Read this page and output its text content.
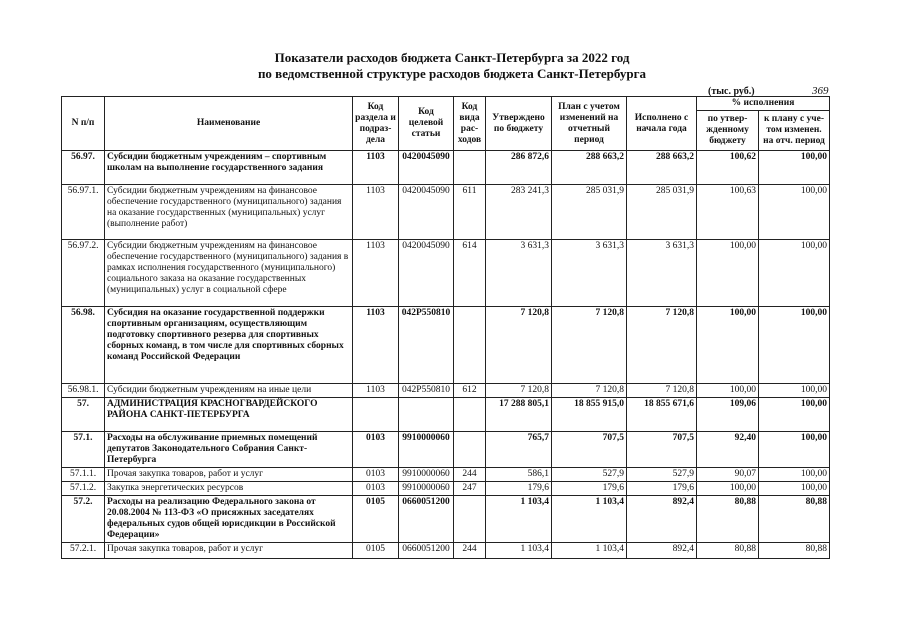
Показатели расходов бюджета Санкт-Петербурга за 2022 год
по ведомственной структуре расходов бюджета Санкт-Петербурга
(тыс. руб.)	369
N п/п	Наименование	Код раздела и подраз-дела	Код целевой статьи	Код вида рас-ходов	Утверждено по бюджету	План с учетом изменений на отчетный период	Исполнено с начала года	% исполнения	
								по утвер-жденному бюджету	к плану с уче-том изменен. на отч. период
56.97.	Субсидии бюджетным учреждениям – спортивным школам на выполнение государственного задания	1103	0420045090		286 872,6	288 663,2	288 663,2	100,62	100,00
56.97.1.	Субсидии бюджетным учреждениям на финансовое обеспечение государственного (муниципального) задания на оказание государственных (муниципальных) услуг (выполнение работ)	1103	0420045090	611	283 241,3	285 031,9	285 031,9	100,63	100,00
56.97.2.	Субсидии бюджетным учреждениям на финансовое обеспечение государственного (муниципального) задания в рамках исполнения государственного (муниципального) социального заказа на оказание государственных (муниципальных) услуг в социальной сфере	1103	0420045090	614	3 631,3	3 631,3	3 631,3	100,00	100,00
56.98.	Субсидия на оказание государственной поддержки спортивным организациям, осуществляющим подготовку спортивного резерва для спортивных сборных команд, в том числе для спортивных сборных команд Российской Федерации	1103	042P550810		7 120,8	7 120,8	7 120,8	100,00	100,00
56.98.1.	Субсидии бюджетным учреждениям на иные цели	1103	042P550810	612	7 120,8	7 120,8	7 120,8	100,00	100,00
57.	АДМИНИСТРАЦИЯ КРАСНОГВАРДЕЙСКОГО РАЙОНА САНКТ-ПЕТЕРБУРГА				17 288 805,1	18 855 915,0	18 855 671,6	109,06	100,00
57.1.	Расходы на обслуживание приемных помещений депутатов Законодательного Собрания Санкт-Петербурга	0103	9910000060		765,7	707,5	707,5	92,40	100,00
57.1.1.	Прочая закупка товаров, работ и услуг	0103	9910000060	244	586,1	527,9	527,9	90,07	100,00
57.1.2.	Закупка энергетических ресурсов	0103	9910000060	247	179,6	179,6	179,6	100,00	100,00
57.2.	Расходы на реализацию Федерального закона от 20.08.2004 № 113-ФЗ «О присяжных заседателях федеральных судов общей юрисдикции в Российской Федерации»	0105	0660051200		1 103,4	1 103,4	892,4	80,88	80,88
57.2.1.	Прочая закупка товаров, работ и услуг	0105	0660051200	244	1 103,4	1 103,4	892,4	80,88	80,88
